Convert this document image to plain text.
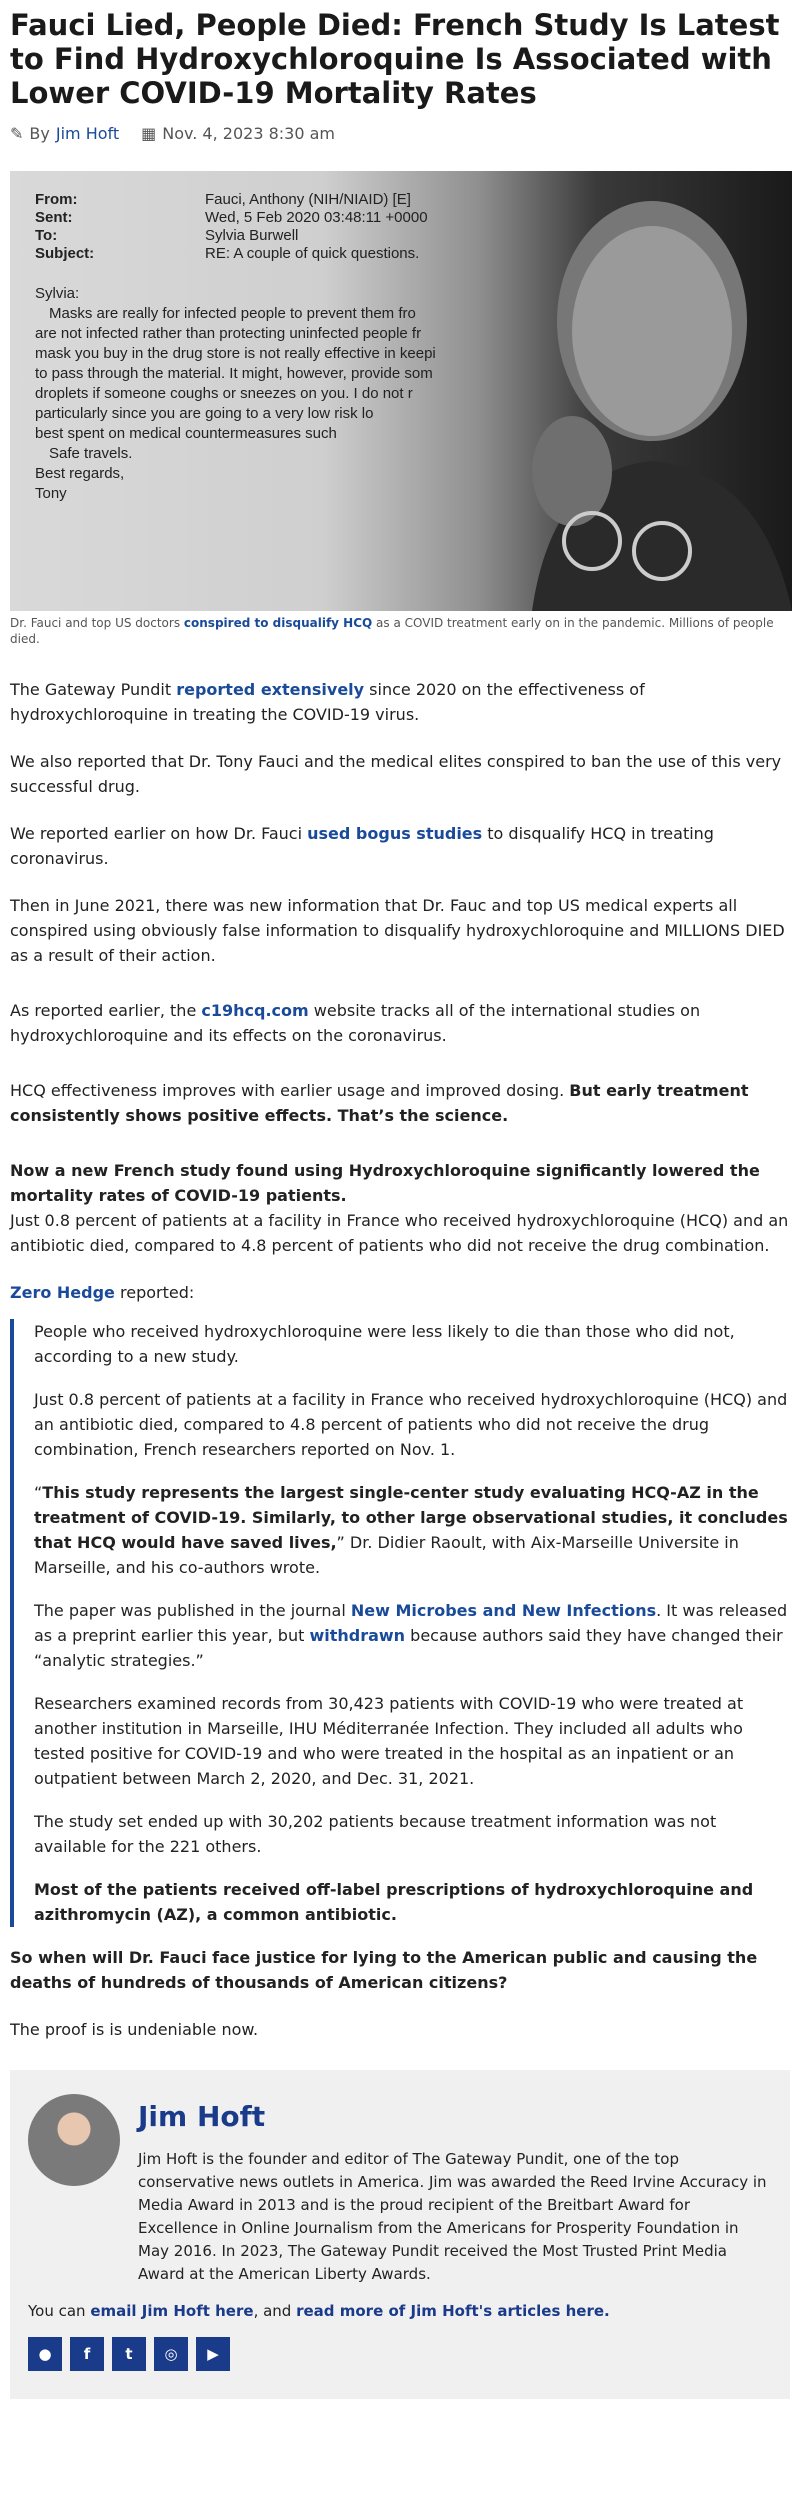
Fauci Lied, People Died: French Study Is Latest to Find Hydroxychloroquine Is Associated with Lower COVID-19 Mortality Rates
✎ By Jim Hoft ▦ Nov. 4, 2023 8:30 am
From:	Fauci, Anthony (NIH/NIAID) [E]
Sent:	Wed, 5 Feb 2020 03:48:11 +0000
To:	Sylvia Burwell
Subject:	RE: A couple of quick questions.
Sylvia:
Masks are really for infected people to prevent them fro
are not infected rather than protecting uninfected people fr
mask you buy in the drug store is not really effective in keepi
to pass through the material. It might, however, provide som
droplets if someone coughs or sneezes on you. I do not r
particularly since you are going to a very low risk lo
best spent on medical countermeasures such
Safe travels.
Best regards,
Tony
Dr. Fauci and top US doctors conspired to disqualify HCQ as a COVID treatment early on in the pandemic. Millions of people died.

The Gateway Pundit reported extensively since 2020 on the effectiveness of hydroxychloroquine in treating the COVID-19 virus.

We also reported that Dr. Tony Fauci and the medical elites conspired to ban the use of this very successful drug.

We reported earlier on how Dr. Fauci used bogus studies to disqualify HCQ in treating coronavirus.

Then in June 2021, there was new information that Dr. Fauc and top US medical experts all conspired using obviously false information to disqualify hydroxychloroquine and MILLIONS DIED as a result of their action.

As reported earlier, the c19hcq.com website tracks all of the international studies on hydroxychloroquine and its effects on the coronavirus.

HCQ effectiveness improves with earlier usage and improved dosing. But early treatment consistently shows positive effects. That’s the science.

Now a new French study found using Hydroxychloroquine significantly lowered the mortality rates of COVID-19 patients.
Just 0.8 percent of patients at a facility in France who received hydroxychloroquine (HCQ) and an antibiotic died, compared to 4.8 percent of patients who did not receive the drug combination.

Zero Hedge reported:

People who received hydroxychloroquine were less likely to die than those who did not, according to a new study.

Just 0.8 percent of patients at a facility in France who received hydroxychloroquine (HCQ) and an antibiotic died, compared to 4.8 percent of patients who did not receive the drug combination, French researchers reported on Nov. 1.

“This study represents the largest single-center study evaluating HCQ-AZ in the treatment of COVID-19. Similarly, to other large observational studies, it concludes that HCQ would have saved lives,” Dr. Didier Raoult, with Aix-Marseille Universite in Marseille, and his co-authors wrote.

The paper was published in the journal New Microbes and New Infections. It was released as a preprint earlier this year, but withdrawn because authors said they have changed their “analytic strategies.”

Researchers examined records from 30,423 patients with COVID-19 who were treated at another institution in Marseille, IHU Méditerranée Infection. They included all adults who tested positive for COVID-19 and who were treated in the hospital as an inpatient or an outpatient between March 2, 2020, and Dec. 31, 2021.

The study set ended up with 30,202 patients because treatment information was not available for the 221 others.

Most of the patients received off-label prescriptions of hydroxychloroquine and azithromycin (AZ), a common antibiotic.

So when will Dr. Fauci face justice for lying to the American public and causing the deaths of hundreds of thousands of American citizens?

The proof is is undeniable now.

Jim Hoft

Jim Hoft is the founder and editor of The Gateway Pundit, one of the top conservative news outlets in America. Jim was awarded the Reed Irvine Accuracy in Media Award in 2013 and is the proud recipient of the Breitbart Award for Excellence in Online Journalism from the Americans for Prosperity Foundation in May 2016. In 2023, The Gateway Pundit received the Most Trusted Print Media Award at the American Liberty Awards.

You can email Jim Hoft here, and read more of Jim Hoft's articles here.

●	f	t	◎	▶
